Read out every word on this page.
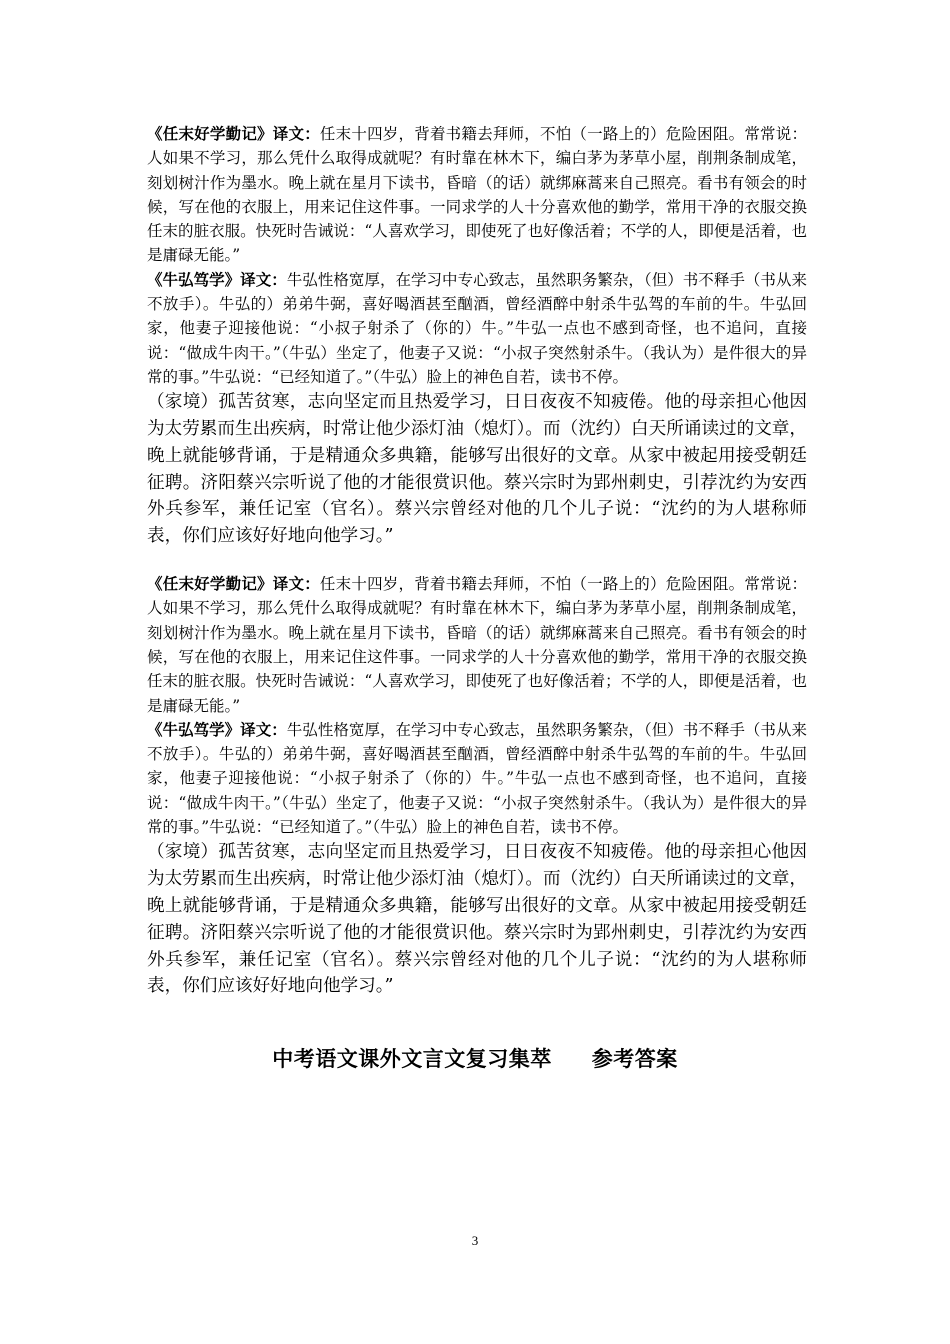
《任末好学勤记》译文：任末十四岁，背着书籍去拜师，不怕（一路上的）危险困阻。常常说：人如果不学习，那么凭什么取得成就呢？有时靠在林木下，编白茅为茅草小屋，削荆条制成笔，刻划树汁作为墨水。晚上就在星月下读书，昏暗（的话）就绑麻蒿来自己照亮。看书有领会的时候，写在他的衣服上，用来记住这件事。一同求学的人十分喜欢他的勤学，常用干净的衣服交换任末的脏衣服。快死时告诫说：“人喜欢学习，即使死了也好像活着；不学的人，即便是活着，也是庸碌无能。”

《牛弘笃学》译文：牛弘性格宽厚，在学习中专心致志，虽然职务繁杂，（但）书不释手（书从来不放手）。牛弘的）弟弟牛弼，喜好喝酒甚至酗酒，曾经酒醉中射杀牛弘驾的车前的牛。牛弘回家，他妻子迎接他说：“小叔子射杀了（你的）牛。”牛弘一点也不感到奇怪，也不追问，直接说：“做成牛肉干。”（牛弘）坐定了，他妻子又说：“小叔子突然射杀牛。（我认为）是件很大的异常的事。”牛弘说：“已经知道了。”（牛弘）脸上的神色自若，读书不停。

（家境）孤苦贫寒，志向坚定而且热爱学习，日日夜夜不知疲倦。他的母亲担心他因为太劳累而生出疾病，时常让他少添灯油（熄灯）。而（沈约）白天所诵读过的文章，晚上就能够背诵，于是精通众多典籍，能够写出很好的文章。从家中被起用接受朝廷征聘。济阳蔡兴宗听说了他的才能很赏识他。蔡兴宗时为郢州刺史，引荐沈约为安西外兵参军，兼任记室（官名）。蔡兴宗曾经对他的几个儿子说：“沈约的为人堪称师表，你们应该好好地向他学习。”

《任末好学勤记》译文：任末十四岁，背着书籍去拜师，不怕（一路上的）危险困阻。常常说：人如果不学习，那么凭什么取得成就呢？有时靠在林木下，编白茅为茅草小屋，削荆条制成笔，刻划树汁作为墨水。晚上就在星月下读书，昏暗（的话）就绑麻蒿来自己照亮。看书有领会的时候，写在他的衣服上，用来记住这件事。一同求学的人十分喜欢他的勤学，常用干净的衣服交换任末的脏衣服。快死时告诫说：“人喜欢学习，即使死了也好像活着；不学的人，即便是活着，也是庸碌无能。”

《牛弘笃学》译文：牛弘性格宽厚，在学习中专心致志，虽然职务繁杂，（但）书不释手（书从来不放手）。牛弘的）弟弟牛弼，喜好喝酒甚至酗酒，曾经酒醉中射杀牛弘驾的车前的牛。牛弘回家，他妻子迎接他说：“小叔子射杀了（你的）牛。”牛弘一点也不感到奇怪，也不追问，直接说：“做成牛肉干。”（牛弘）坐定了，他妻子又说：“小叔子突然射杀牛。（我认为）是件很大的异常的事。”牛弘说：“已经知道了。”（牛弘）脸上的神色自若，读书不停。

（家境）孤苦贫寒，志向坚定而且热爱学习，日日夜夜不知疲倦。他的母亲担心他因为太劳累而生出疾病，时常让他少添灯油（熄灯）。而（沈约）白天所诵读过的文章，晚上就能够背诵，于是精通众多典籍，能够写出很好的文章。从家中被起用接受朝廷征聘。济阳蔡兴宗听说了他的才能很赏识他。蔡兴宗时为郢州刺史，引荐沈约为安西外兵参军，兼任记室（官名）。蔡兴宗曾经对他的几个儿子说：“沈约的为人堪称师表，你们应该好好地向他学习。”

中考语文课外文言文复习集萃 参考答案
3
